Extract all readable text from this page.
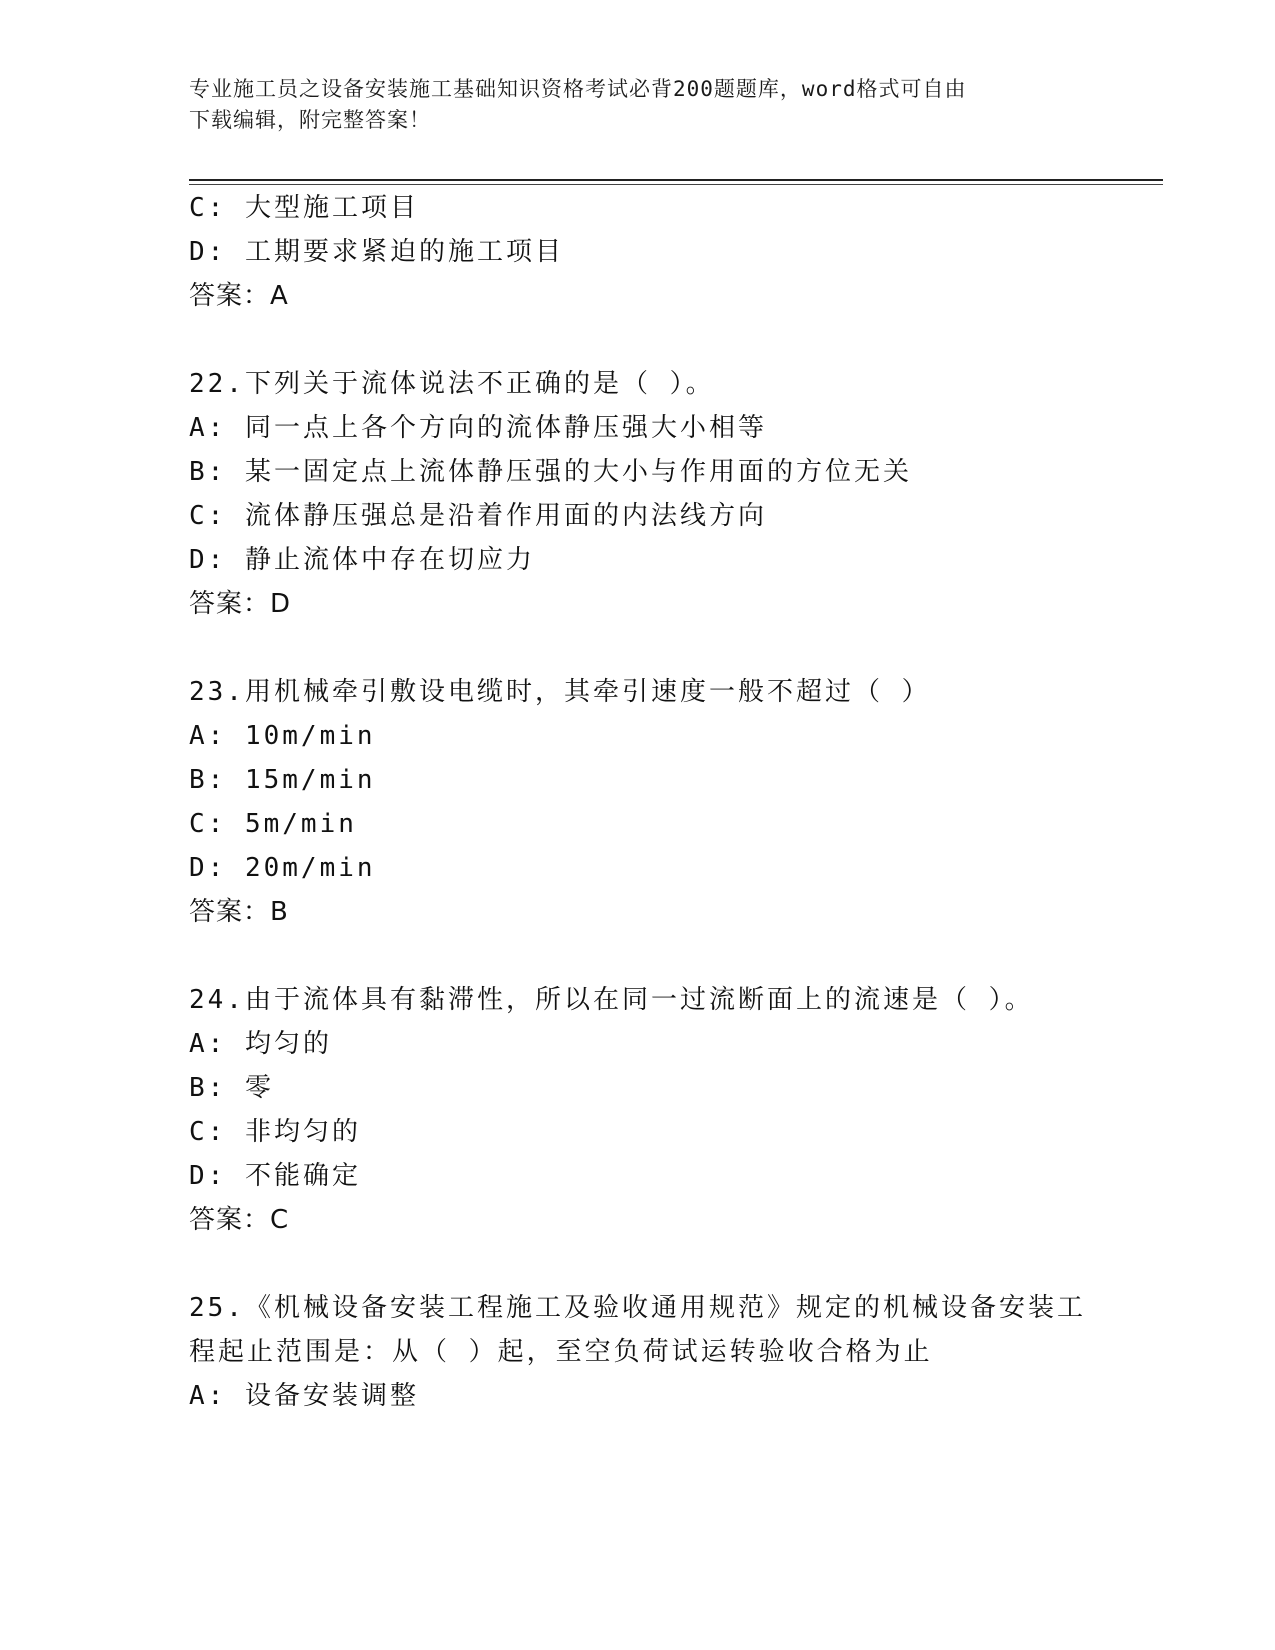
专业施工员之设备安装施工基础知识资格考试必背200题题库，word格式可自由
下载编辑，附完整答案！
C: 大型施工项目
D: 工期要求紧迫的施工项目
答案：A
22.下列关于流体说法不正确的是（ ）。
A: 同一点上各个方向的流体静压强大小相等
B: 某一固定点上流体静压强的大小与作用面的方位无关
C: 流体静压强总是沿着作用面的内法线方向
D: 静止流体中存在切应力
答案：D
23.用机械牵引敷设电缆时，其牵引速度一般不超过（ ）
A: 10m/min
B: 15m/min
C: 5m/min
D: 20m/min
答案：B
24.由于流体具有黏滞性，所以在同一过流断面上的流速是（ ）。
A: 均匀的
B: 零
C: 非均匀的
D: 不能确定
答案：C
25.《机械设备安装工程施工及验收通用规范》规定的机械设备安装工
程起止范围是：从（ ）起，至空负荷试运转验收合格为止
A: 设备安装调整
